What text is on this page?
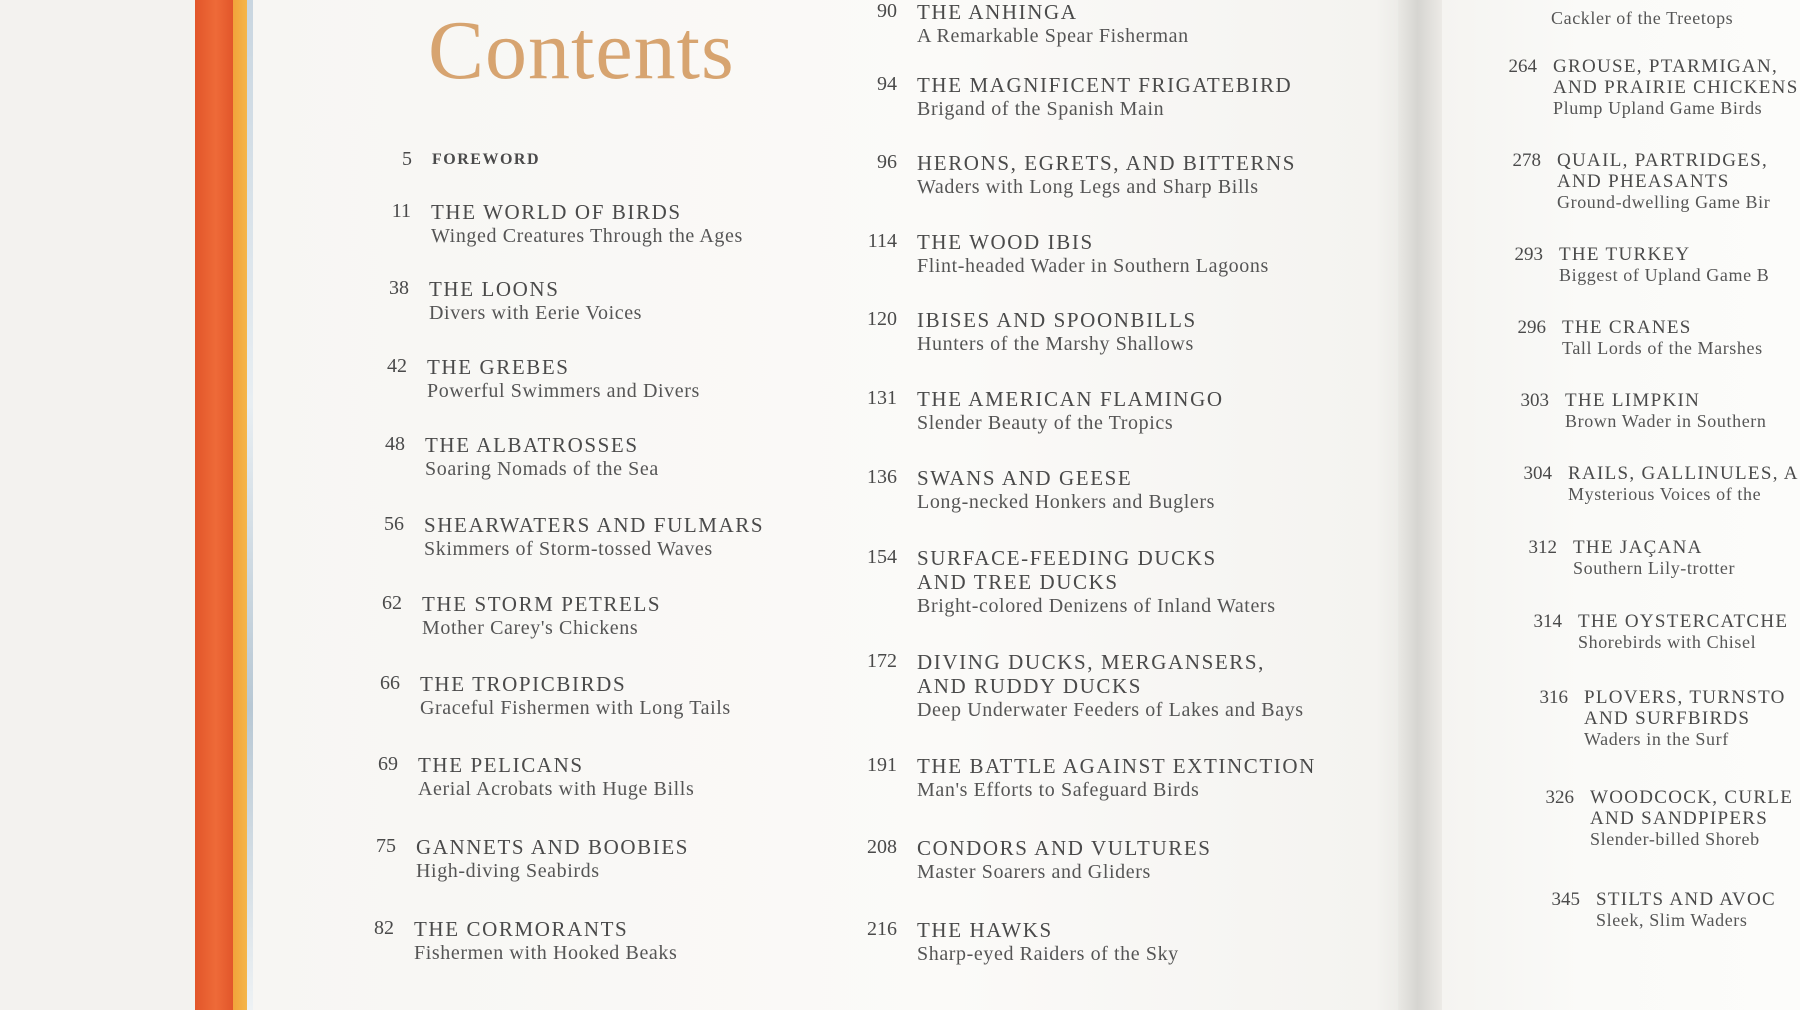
Contents
5 FOREWORD
11 THE WORLD OF BIRDS
Winged Creatures Through the Ages
38 THE LOONS
Divers with Eerie Voices
42 THE GREBES
Powerful Swimmers and Divers
48 THE ALBATROSSES
Soaring Nomads of the Sea
56 SHEARWATERS AND FULMARS
Skimmers of Storm-tossed Waves
62 THE STORM PETRELS
Mother Carey's Chickens
66 THE TROPICBIRDS
Graceful Fishermen with Long Tails
69 THE PELICANS
Aerial Acrobats with Huge Bills
75 GANNETS AND BOOBIES
High-diving Seabirds
82 THE CORMORANTS
Fishermen with Hooked Beaks
90 THE ANHINGA
A Remarkable Spear Fisherman
94 THE MAGNIFICENT FRIGATEBIRD
Brigand of the Spanish Main
96 HERONS, EGRETS, AND BITTERNS
Waders with Long Legs and Sharp Bills
114 THE WOOD IBIS
Flint-headed Wader in Southern Lagoons
120 IBISES AND SPOONBILLS
Hunters of the Marshy Shallows
131 THE AMERICAN FLAMINGO
Slender Beauty of the Tropics
136 SWANS AND GEESE
Long-necked Honkers and Buglers
154 SURFACE-FEEDING DUCKS
AND TREE DUCKS
Bright-colored Denizens of Inland Waters
172 DIVING DUCKS, MERGANSERS,
AND RUDDY DUCKS
Deep Underwater Feeders of Lakes and Bays
191 THE BATTLE AGAINST EXTINCTION
Man's Efforts to Safeguard Birds
208 CONDORS AND VULTURES
Master Soarers and Gliders
216 THE HAWKS
Sharp-eyed Raiders of the Sky
Cackler of the Treetops
264 GROUSE, PTARMIGAN,
AND PRAIRIE CHICKENS
Plump Upland Game Birds
278 QUAIL, PARTRIDGES,
AND PHEASANTS
Ground-dwelling Game Bir
293 THE TURKEY
Biggest of Upland Game B
296 THE CRANES
Tall Lords of the Marshes
303 THE LIMPKIN
Brown Wader in Southern
304 RAILS, GALLINULES, A
Mysterious Voices of the
312 THE JAÇANA
Southern Lily-trotter
314 THE OYSTERCATCHE
Shorebirds with Chisel
316 PLOVERS, TURNSTO
AND SURFBIRDS
Waders in the Surf
326 WOODCOCK, CURLE
AND SANDPIPERS
Slender-billed Shoreb
345 STILTS AND AVOC
Sleek, Slim Waders
